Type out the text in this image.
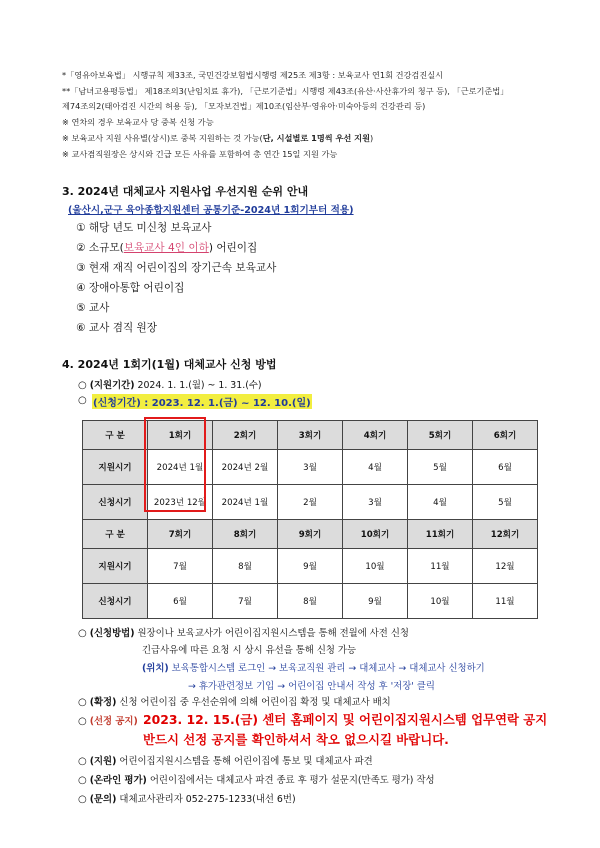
*「영유아보육법」 시행규칙 제33조, 국민건강보험법시행령 제25조 제3항 : 보육교사 연1회 건강검진실시
**「남녀고용평등법」 제18조의3(난임치료 휴가), 「근로기준법」시행령 제43조(유산·사산휴가의 청구 등), 「근로기준법」
제74조의2(태아검진 시간의 허용 등), 「모자보건법」제10조(임산부·영유아·미숙아등의 건강관리 등)
※ 연차의 경우 보육교사 당 중복 신청 가능
※ 보육교사 지원 사유별(상시)로 중복 지원하는 것 가능(단, 시설별로 1명씩 우선 지원)
※ 교사겸직원장은 상시와 긴급 모든 사유를 포함하여 총 연간 15일 지원 가능
3. 2024년 대체교사 지원사업 우선지원 순위 안내
(울산시,군구 육아종합지원센터 공통기준-2024년 1회기부터 적용)
① 해당 년도 미신청 보육교사
② 소규모(보육교사 4인 이하) 어린이집
③ 현재 재직 어린이집의 장기근속 보육교사
④ 장애아통합 어린이집
⑤ 교사
⑥ 교사 겸직 원장
4. 2024년 1회기(1월) 대체교사 신청 방법
○ (지원기간) 2024. 1. 1.(월) ~ 1. 31.(수)
○ (신청기간) : 2023. 12. 1.(금) ~ 12. 10.(일)
구 분	1회기	2회기	3회기	4회기	5회기	6회기
지원시기	2024년 1월	2024년 2월	3월	4월	5월	6월
신청시기	2023년 12월	2024년 1월	2월	3월	4월	5월
구 분	7회기	8회기	9회기	10회기	11회기	12회기
지원시기	7월	8월	9월	10월	11월	12월
신청시기	6월	7월	8월	9월	10월	11월
○ (신청방법) 원장이나 보육교사가 어린이집지원시스템을 통해 전월에 사전 신청
긴급사유에 따른 요청 시 상시 유선을 통해 신청 가능
(위치) 보육통합시스템 로그인 → 보육교직원 관리 → 대체교사 → 대체교사 신청하기
→ 휴가관련정보 기입 → 어린이집 안내서 작성 후 '저장' 클릭
○ (확정) 신청 어린이집 중 우선순위에 의해 어린이집 확정 및 대체교사 배치
○ (선정 공지) 2023. 12. 15.(금) 센터 홈페이지 및 어린이집지원시스템 업무연락 공지
반드시 선정 공지를 확인하셔서 착오 없으시길 바랍니다.
○ (지원) 어린이집지원시스템을 통해 어린이집에 통보 및 대체교사 파견
○ (온라인 평가) 어린이집에서는 대체교사 파견 종료 후 평가 설문지(만족도 평가) 작성
○ (문의) 대체교사관리자 052-275-1233(내선 6번)
